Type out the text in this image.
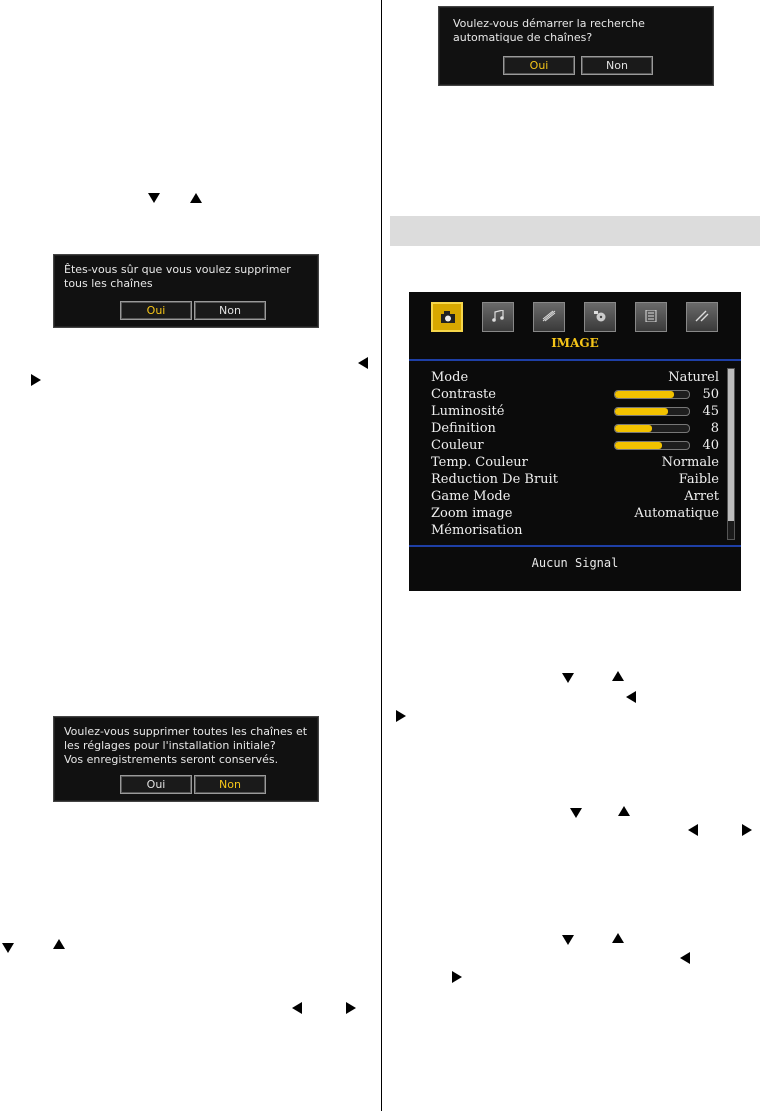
Êtes-vous sûr que vous voulez supprimer
tous les chaînes
Oui	Non
Voulez-vous supprimer toutes les chaînes et
les réglages pour l'installation initiale?
Vos enregistrements seront conservés.
Oui	Non
Voulez-vous démarrer la recherche
automatique de chaînes?
Oui	Non
IMAGE
Mode	Naturel
Contraste	50
Luminosité	45
Definition	8
Couleur	40
Temp. Couleur	Normale
Reduction De Bruit	Faible
Game Mode	Arret
Zoom image	Automatique
Mémorisation
Aucun Signal
